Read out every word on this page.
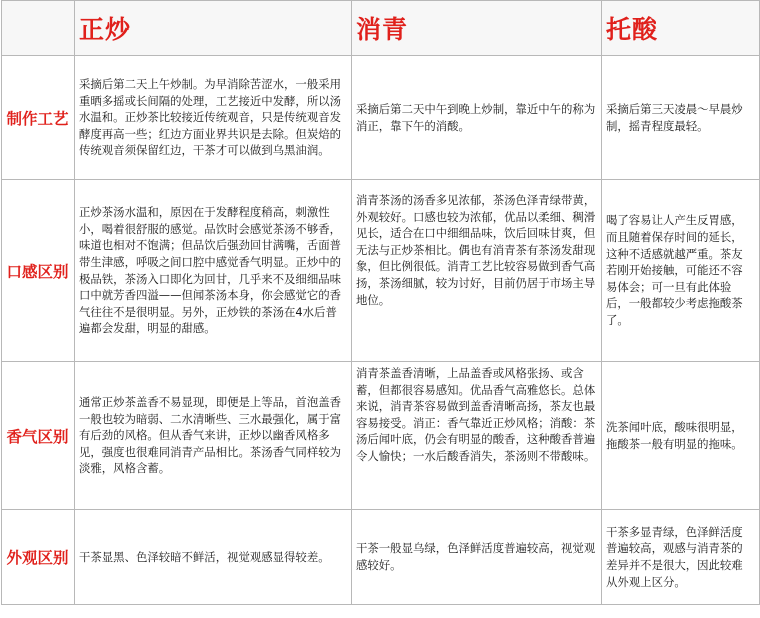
	正炒	消青	托酸
制作工艺	采摘后第二天上午炒制。为早消除苦涩水，一般采用重晒多摇或长间隔的处理，工艺接近中发酵，所以汤水温和。正炒茶比较接近传统观音，只是传统观音发酵度再高一些；红边方面业界共识是去除。但炭焙的传统观音须保留红边，干茶才可以做到乌黑油润。	采摘后第二天中午到晚上炒制，靠近中午的称为消正，靠下午的消酸。	采摘后第三天凌晨～早晨炒制，摇青程度最轻。
口感区别	正炒茶汤水温和，原因在于发酵程度稍高，刺激性小，喝着很舒服的感觉。品饮时会感觉茶汤不够香，味道也相对不饱满；但品饮后强劲回甘满嘴，舌面普带生津感，呼吸之间口腔中感觉香气明显。正炒中的极品铁，茶汤入口即化为回甘，几乎来不及细细品味口中就芳香四溢——但闻茶汤本身，你会感觉它的香气往往不是很明显。另外，正炒铁的茶汤在4水后普遍都会发甜，明显的甜感。	消青茶汤的汤香多见浓郁，茶汤色泽青绿带黄，外观较好。口感也较为浓郁，优品以柔细、稠滑见长，适合在口中细细品味，饮后回味甘爽，但无法与正炒茶相比。偶也有消青茶有茶汤发甜现象，但比例很低。消青工艺比较容易做到香气高扬，茶汤细腻，较为讨好，目前仍居于市场主导地位。	喝了容易让人产生反胃感，而且随着保存时间的延长，这种不适感就越严重。茶友若刚开始接触，可能还不容易体会；可一旦有此体验后，一般都较少考虑拖酸茶了。
香气区别	通常正炒茶盖香不易显现，即便是上等品，首泡盖香一般也较为暗弱、二水清晰些、三水最强化，属于富有后劲的风格。但从香气来讲，正炒以幽香风格多见，强度也很难同消青产品相比。茶汤香气同样较为淡雅，风格含蓄。	消青茶盖香清晰，上品盖香或风格张扬、或含蓄，但都很容易感知。优品香气高雅悠长。总体来说，消青茶容易做到盖香清晰高扬，茶友也最容易接受。消正：香气靠近正炒风格；消酸：茶汤后闻叶底，仍会有明显的酸香，这种酸香普遍令人愉快；一水后酸香消失，茶汤则不带酸味。	洗茶闻叶底，酸味很明显，拖酸茶一般有明显的拖味。
外观区别	干茶显黑、色泽较暗不鲜活，视觉观感显得较差。	干茶一般显乌绿，色泽鲜活度普遍较高，视觉观感较好。	干茶多显青绿，色泽鲜活度普遍较高，观感与消青茶的差异并不是很大，因此较难从外观上区分。
